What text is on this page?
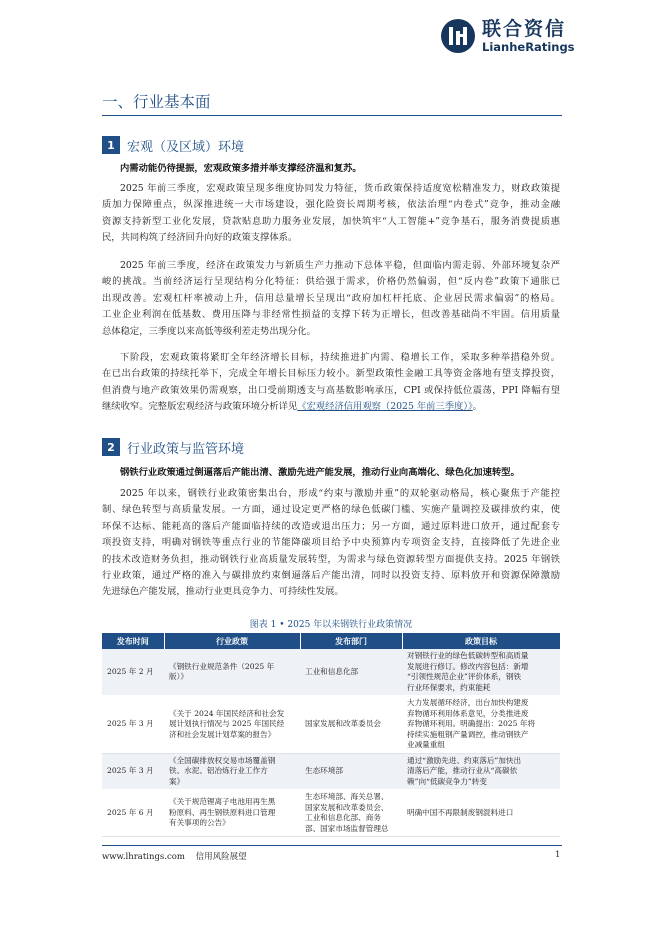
联合资信
LianheRatings
一、行业基本面
1 宏观（及区域）环境
内需动能仍待提振，宏观政策多措并举支撑经济温和复苏。
2025 年前三季度，宏观政策呈现多维度协同发力特征，货币政策保持适度宽松精准发力，财政政策提
质加力保障重点，纵深推进统一大市场建设，强化险资长周期考核，依法治理“内卷式”竞争，推动金融
资源支持新型工业化发展，贷款贴息助力服务业发展，加快筑牢“人工智能+”竞争基石，服务消费提质惠
民，共同构筑了经济回升向好的政策支撑体系。
2025 年前三季度，经济在政策发力与新质生产力推动下总体平稳，但面临内需走弱、外部环境复杂严
峻的挑战。当前经济运行呈现结构分化特征：供给强于需求，价格仍然偏弱，但“反内卷”政策下通胀已
出现改善。宏观杠杆率被动上升，信用总量增长呈现出“政府加杠杆托底、企业居民需求偏弱”的格局。
工业企业利润在低基数、费用压降与非经常性损益的支撑下转为正增长，但改善基础尚不牢固。信用质量
总体稳定，三季度以来高低等级利差走势出现分化。
下阶段，宏观政策将紧盯全年经济增长目标，持续推进扩内需、稳增长工作，采取多种举措稳外贸。
在已出台政策的持续托举下，完成全年增长目标压力较小。新型政策性金融工具等资金落地有望支撑投资，
但消费与地产政策效果仍需观察，出口受前期透支与高基数影响承压，CPI 或保持低位震荡，PPI 降幅有望
继续收窄。完整版宏观经济与政策环境分析详见《宏观经济信用观察（2025 年前三季度）》。
2 行业政策与监管环境
钢铁行业政策通过倒逼落后产能出清、激励先进产能发展，推动行业向高端化、绿色化加速转型。
2025 年以来，钢铁行业政策密集出台，形成“约束与激励并重”的双轮驱动格局，核心聚焦于产能控
制、绿色转型与高质量发展。一方面，通过设定更严格的绿色低碳门槛、实施产量调控及碳排放约束，使
环保不达标、能耗高的落后产能面临持续的改造或退出压力；另一方面，通过原料进口放开，通过配套专
项投资支持，明确对钢铁等重点行业的节能降碳项目给予中央预算内专项资金支持，直接降低了先进企业
的技术改造财务负担，推动钢铁行业高质量发展转型，为需求与绿色资源转型方面提供支持。2025 年钢铁
行业政策，通过严格的准入与碳排放约束倒逼落后产能出清，同时以投资支持、原料放开和资源保障激励
先进绿色产能发展，推动行业更具竞争力、可持续性发展。
图表 1 • 2025 年以来钢铁行业政策情况
发布时间	行业政策	发布部门	政策目标
2025 年 2 月	《钢铁行业规范条件（2025 年
版）》	工业和信息化部	对钢铁行业的绿色低碳转型和高质量
发展进行修订。修改内容包括：新增
“引领性规范企业”评价体系，钢铁
行业环保要求，约束能耗

2025 年 3 月	《关于 2024 年国民经济和社会发
展计划执行情况与 2025 年国民经
济和社会发展计划草案的报告》	国家发展和改革委员会	大力发展循环经济，出台加快构建废
弃物循环利用体系意见，分类推进废
弃物循环利用。明确提出：2025 年将
持续实施粗钢产量调控，推动钢铁产
业减量重组

2025 年 3 月	《全国碳排放权交易市场覆盖钢
铁、水泥、铝冶炼行业工作方
案》	生态环境部	通过“激励先进、约束落后”加快出
清落后产能，推动行业从“高碳依
赖”向“低碳竞争力”转变

2025 年 6 月	《关于规范锂离子电池用再生黑
粉原料、再生钢铁原料进口管理
有关事项的公告》	生态环境部、海关总署、
国家发展和改革委员会、
工业和信息化部、商务
部、国家市场监督管理总	明确中国不再限制废钢混料进口
www.lhratings.com 信用风险展望	1
